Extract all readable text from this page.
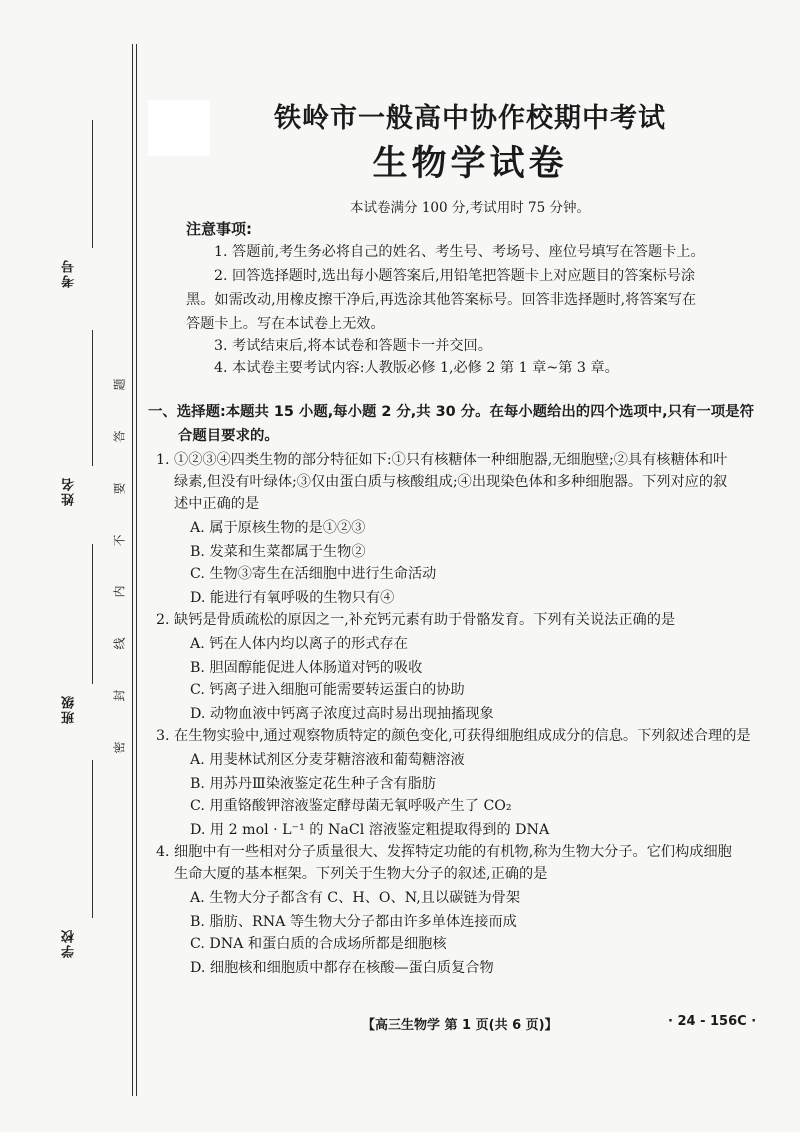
考号
姓名
班级
学校
题
答
要
不
内
线
封
密
铁岭市一般高中协作校期中考试
生物学试卷
本试卷满分 100 分,考试用时 75 分钟。
注意事项:
1. 答题前,考生务必将自己的姓名、考生号、考场号、座位号填写在答题卡上。
2. 回答选择题时,选出每小题答案后,用铅笔把答题卡上对应题目的答案标号涂
黑。如需改动,用橡皮擦干净后,再选涂其他答案标号。回答非选择题时,将答案写在
答题卡上。写在本试卷上无效。
3. 考试结束后,将本试卷和答题卡一并交回。
4. 本试卷主要考试内容:人教版必修 1,必修 2 第 1 章~第 3 章。
一、选择题:本题共 15 小题,每小题 2 分,共 30 分。在每小题给出的四个选项中,只有一项是符
合题目要求的。
1. ①②③④四类生物的部分特征如下:①只有核糖体一种细胞器,无细胞壁;②具有核糖体和叶
绿素,但没有叶绿体;③仅由蛋白质与核酸组成;④出现染色体和多种细胞器。下列对应的叙
述中正确的是
A. 属于原核生物的是①②③
B. 发菜和生菜都属于生物②
C. 生物③寄生在活细胞中进行生命活动
D. 能进行有氧呼吸的生物只有④
2. 缺钙是骨质疏松的原因之一,补充钙元素有助于骨骼发育。下列有关说法正确的是
A. 钙在人体内均以离子的形式存在
B. 胆固醇能促进人体肠道对钙的吸收
C. 钙离子进入细胞可能需要转运蛋白的协助
D. 动物血液中钙离子浓度过高时易出现抽搐现象
3. 在生物实验中,通过观察物质特定的颜色变化,可获得细胞组成成分的信息。下列叙述合理的是
A. 用斐林试剂区分麦芽糖溶液和葡萄糖溶液
B. 用苏丹Ⅲ染液鉴定花生种子含有脂肪
C. 用重铬酸钾溶液鉴定酵母菌无氧呼吸产生了 CO₂
D. 用 2 mol · L⁻¹ 的 NaCl 溶液鉴定粗提取得到的 DNA
4. 细胞中有一些相对分子质量很大、发挥特定功能的有机物,称为生物大分子。它们构成细胞
生命大厦的基本框架。下列关于生物大分子的叙述,正确的是
A. 生物大分子都含有 C、H、O、N,且以碳链为骨架
B. 脂肪、RNA 等生物大分子都由许多单体连接而成
C. DNA 和蛋白质的合成场所都是细胞核
D. 细胞核和细胞质中都存在核酸—蛋白质复合物
【高三生物学 第 1 页(共 6 页)】	· 24 - 156C ·
